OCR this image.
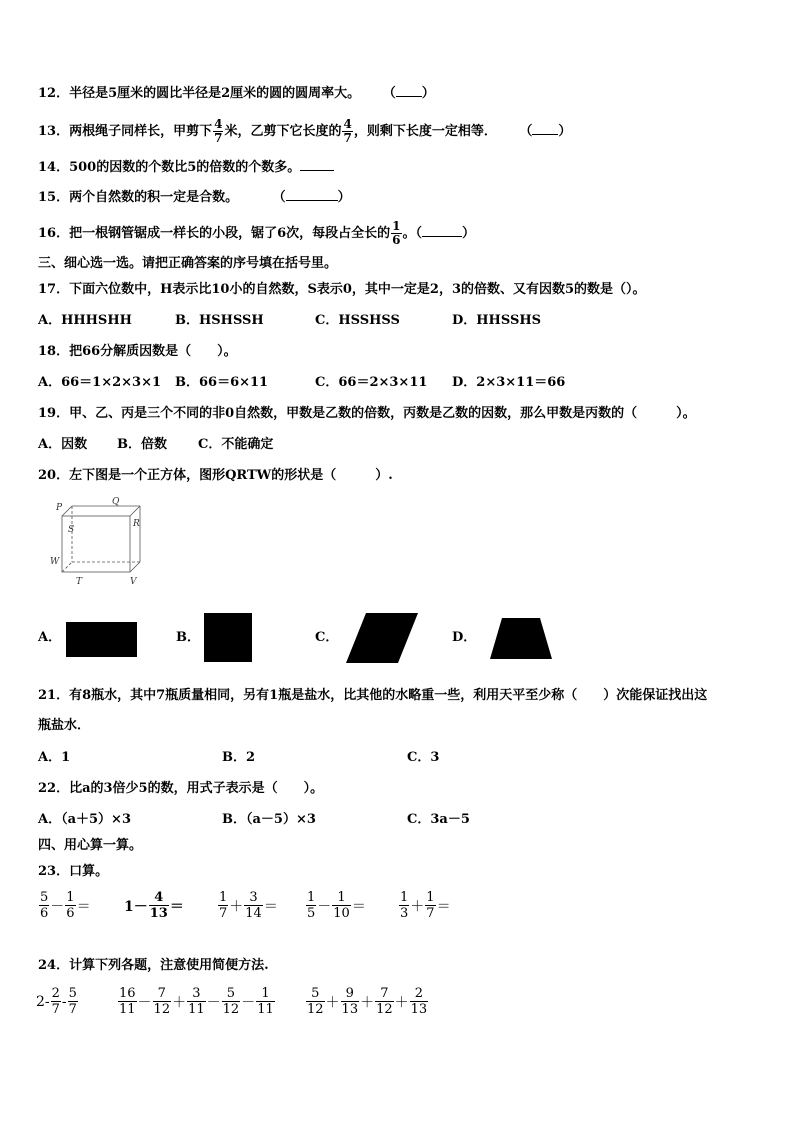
12．半径是5厘米的圆比半径是2厘米的圆的圆周率大。 （ ）
13．两根绳子同样长，甲剪下 $\frac{4}{7}$ 米，乙剪下它长度的 $\frac{4}{7}$ ，则剩下长度一定相等． （ ）
14．500的因数的个数比5的倍数的个数多。
15．两个自然数的积一定是合数。	（	）
16．把一根钢管锯成一样长的小段，锯了6次，每段占全长的 $\frac{1}{6}$ 。（	）
三、细心选一选。请把正确答案的序号填在括号里。
17．下面六位数中，H表示比10小的自然数，S表示0，其中一定是2，3的倍数、又有因数5的数是（）。
A．HHHSHH	B．HSHSSH	C．HSSHSS	D．HHSSHS
18．把66分解质因数是（　　）。
A．66＝1×2×3×1 B．66＝6×11	C．66＝2×3×11 D．2×3×11＝66
19．甲、乙、丙是三个不同的非0自然数，甲数是乙数的倍数，丙数是乙数的因数，那么甲数是丙数的（　　　）。
A．因数 B．倍数 C．不能确定
20．左下图是一个正方体，图形QRTW的形状是（　　　）.
P
Q
R
S
W
T	V
A．	B．	C．	D．
21．有8瓶水，其中7瓶质量相同，另有1瓶是盐水，比其他的水略重一些，利用天平至少称（　　）次能保证找出这
瓶盐水．
A．1	B．2	C．3
22．比a的3倍少5的数，用式子表示是（　　）。
A．（a＋5）×3	B．（a－5）×3	C．3a－5
四、用心算一算。
23．口算。
$\frac{5}{6} - \frac{1}{6} = 1- \frac{4}{13}$ ＝	$\frac{1}{7} + \frac{3}{14} = \frac{1}{5} - \frac{1}{10}$ ＝	$\frac{1}{3} + \frac{1}{7}$ ＝
24．计算下列各题，注意使用简便方法.
$2- \frac{2}{7} - \frac{5}{7}$	$\frac{16}{11} - \frac{7}{12} + \frac{3}{11} - \frac{5}{12} - \frac{1}{11} \frac{5}{12} + \frac{9}{13} + \frac{7}{12} + \frac{2}{13}$
